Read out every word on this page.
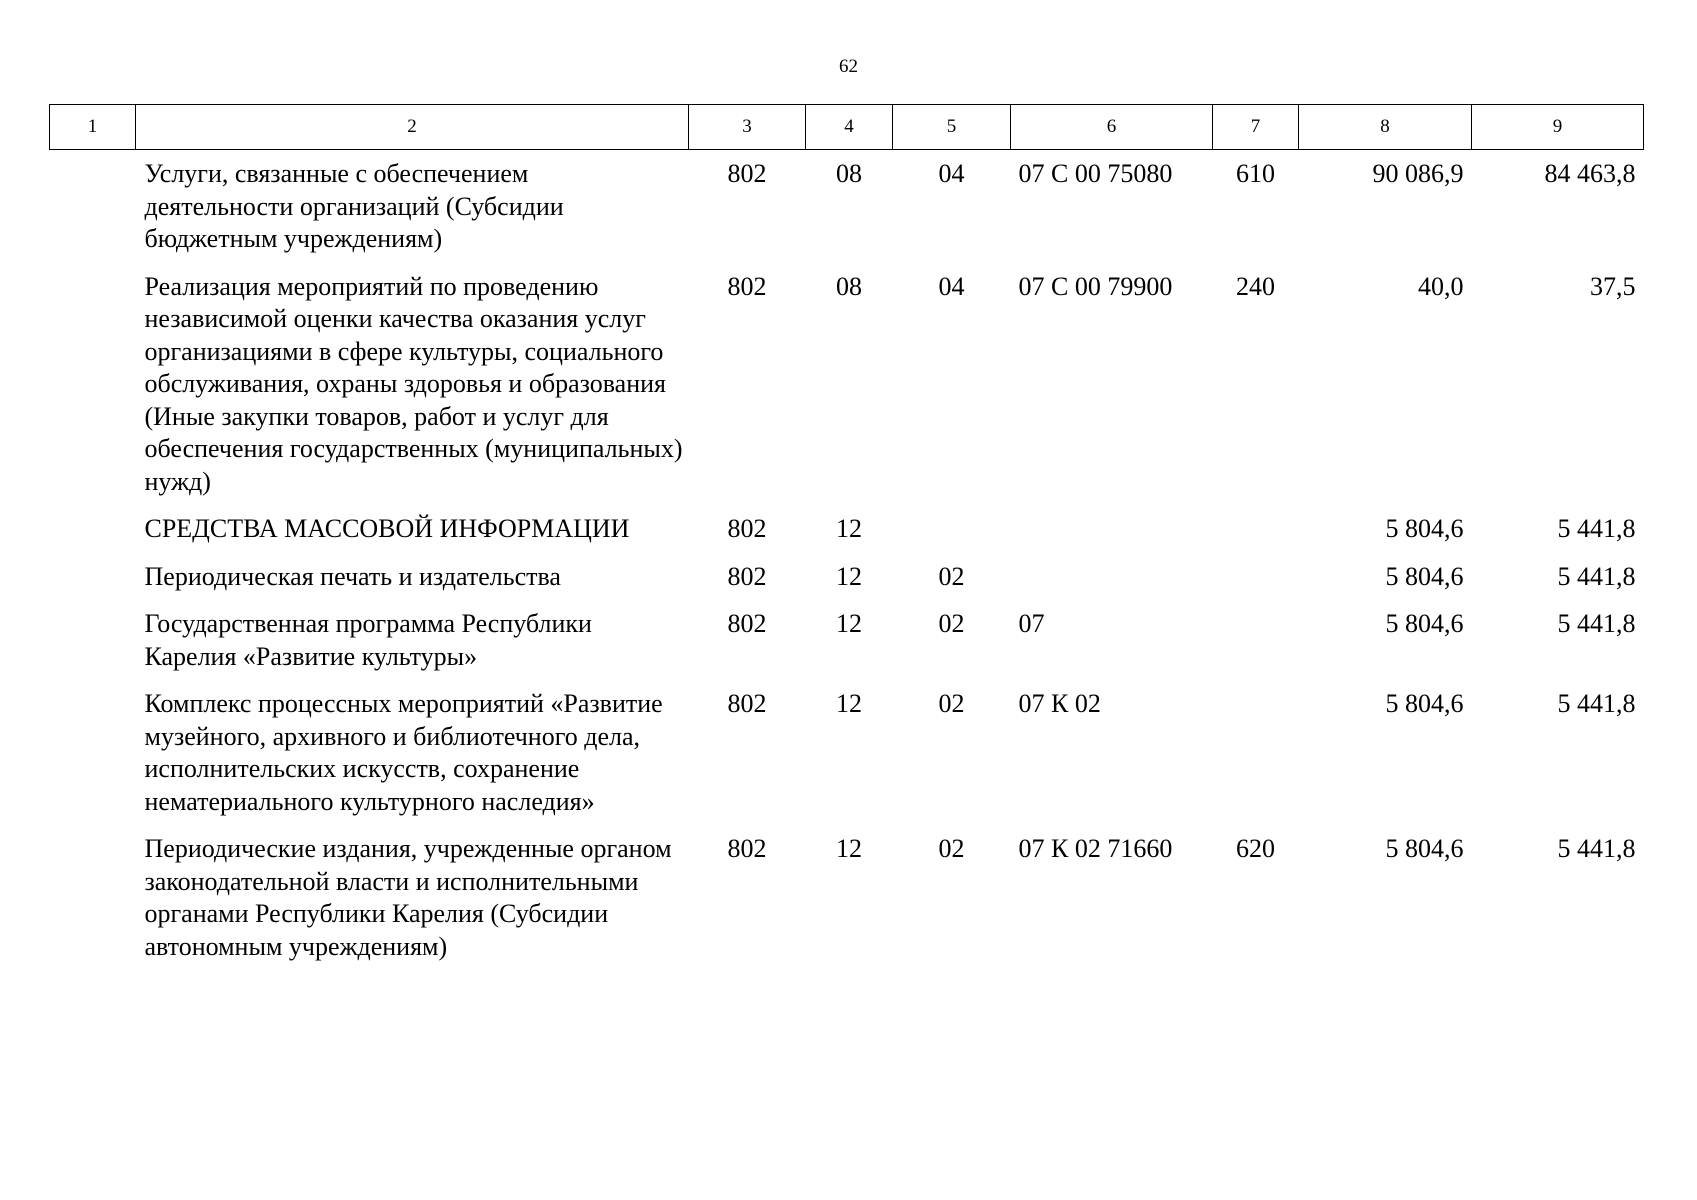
62
1	2	3	4	5	6	7	8	9
	Услуги, связанные с обеспечением деятельности организаций (Субсидии бюджетным учреждениям)	802	08	04	07 С 00 75080	610	90 086,9	84 463,8
	Реализация мероприятий по проведению независимой оценки качества оказания услуг организациями в сфере культуры, социального обслуживания, охраны здоровья и образования (Иные закупки товаров, работ и услуг для обеспечения государственных (муниципальных) нужд)	802	08	04	07 С 00 79900	240	40,0	37,5
	СРЕДСТВА МАССОВОЙ ИНФОРМАЦИИ	802	12				5 804,6	5 441,8
	Периодическая печать и издательства	802	12	02			5 804,6	5 441,8
	Государственная программа Республики Карелия «Развитие культуры»	802	12	02	07		5 804,6	5 441,8
	Комплекс процессных мероприятий «Развитие музейного, архивного и библиотечного дела, исполнительских искусств, сохранение нематериального культурного наследия»	802	12	02	07 К 02		5 804,6	5 441,8
	Периодические издания, учрежденные органом законодательной власти и исполнительными органами Республики Карелия (Субсидии автономным учреждениям)	802	12	02	07 К 02 71660	620	5 804,6	5 441,8
